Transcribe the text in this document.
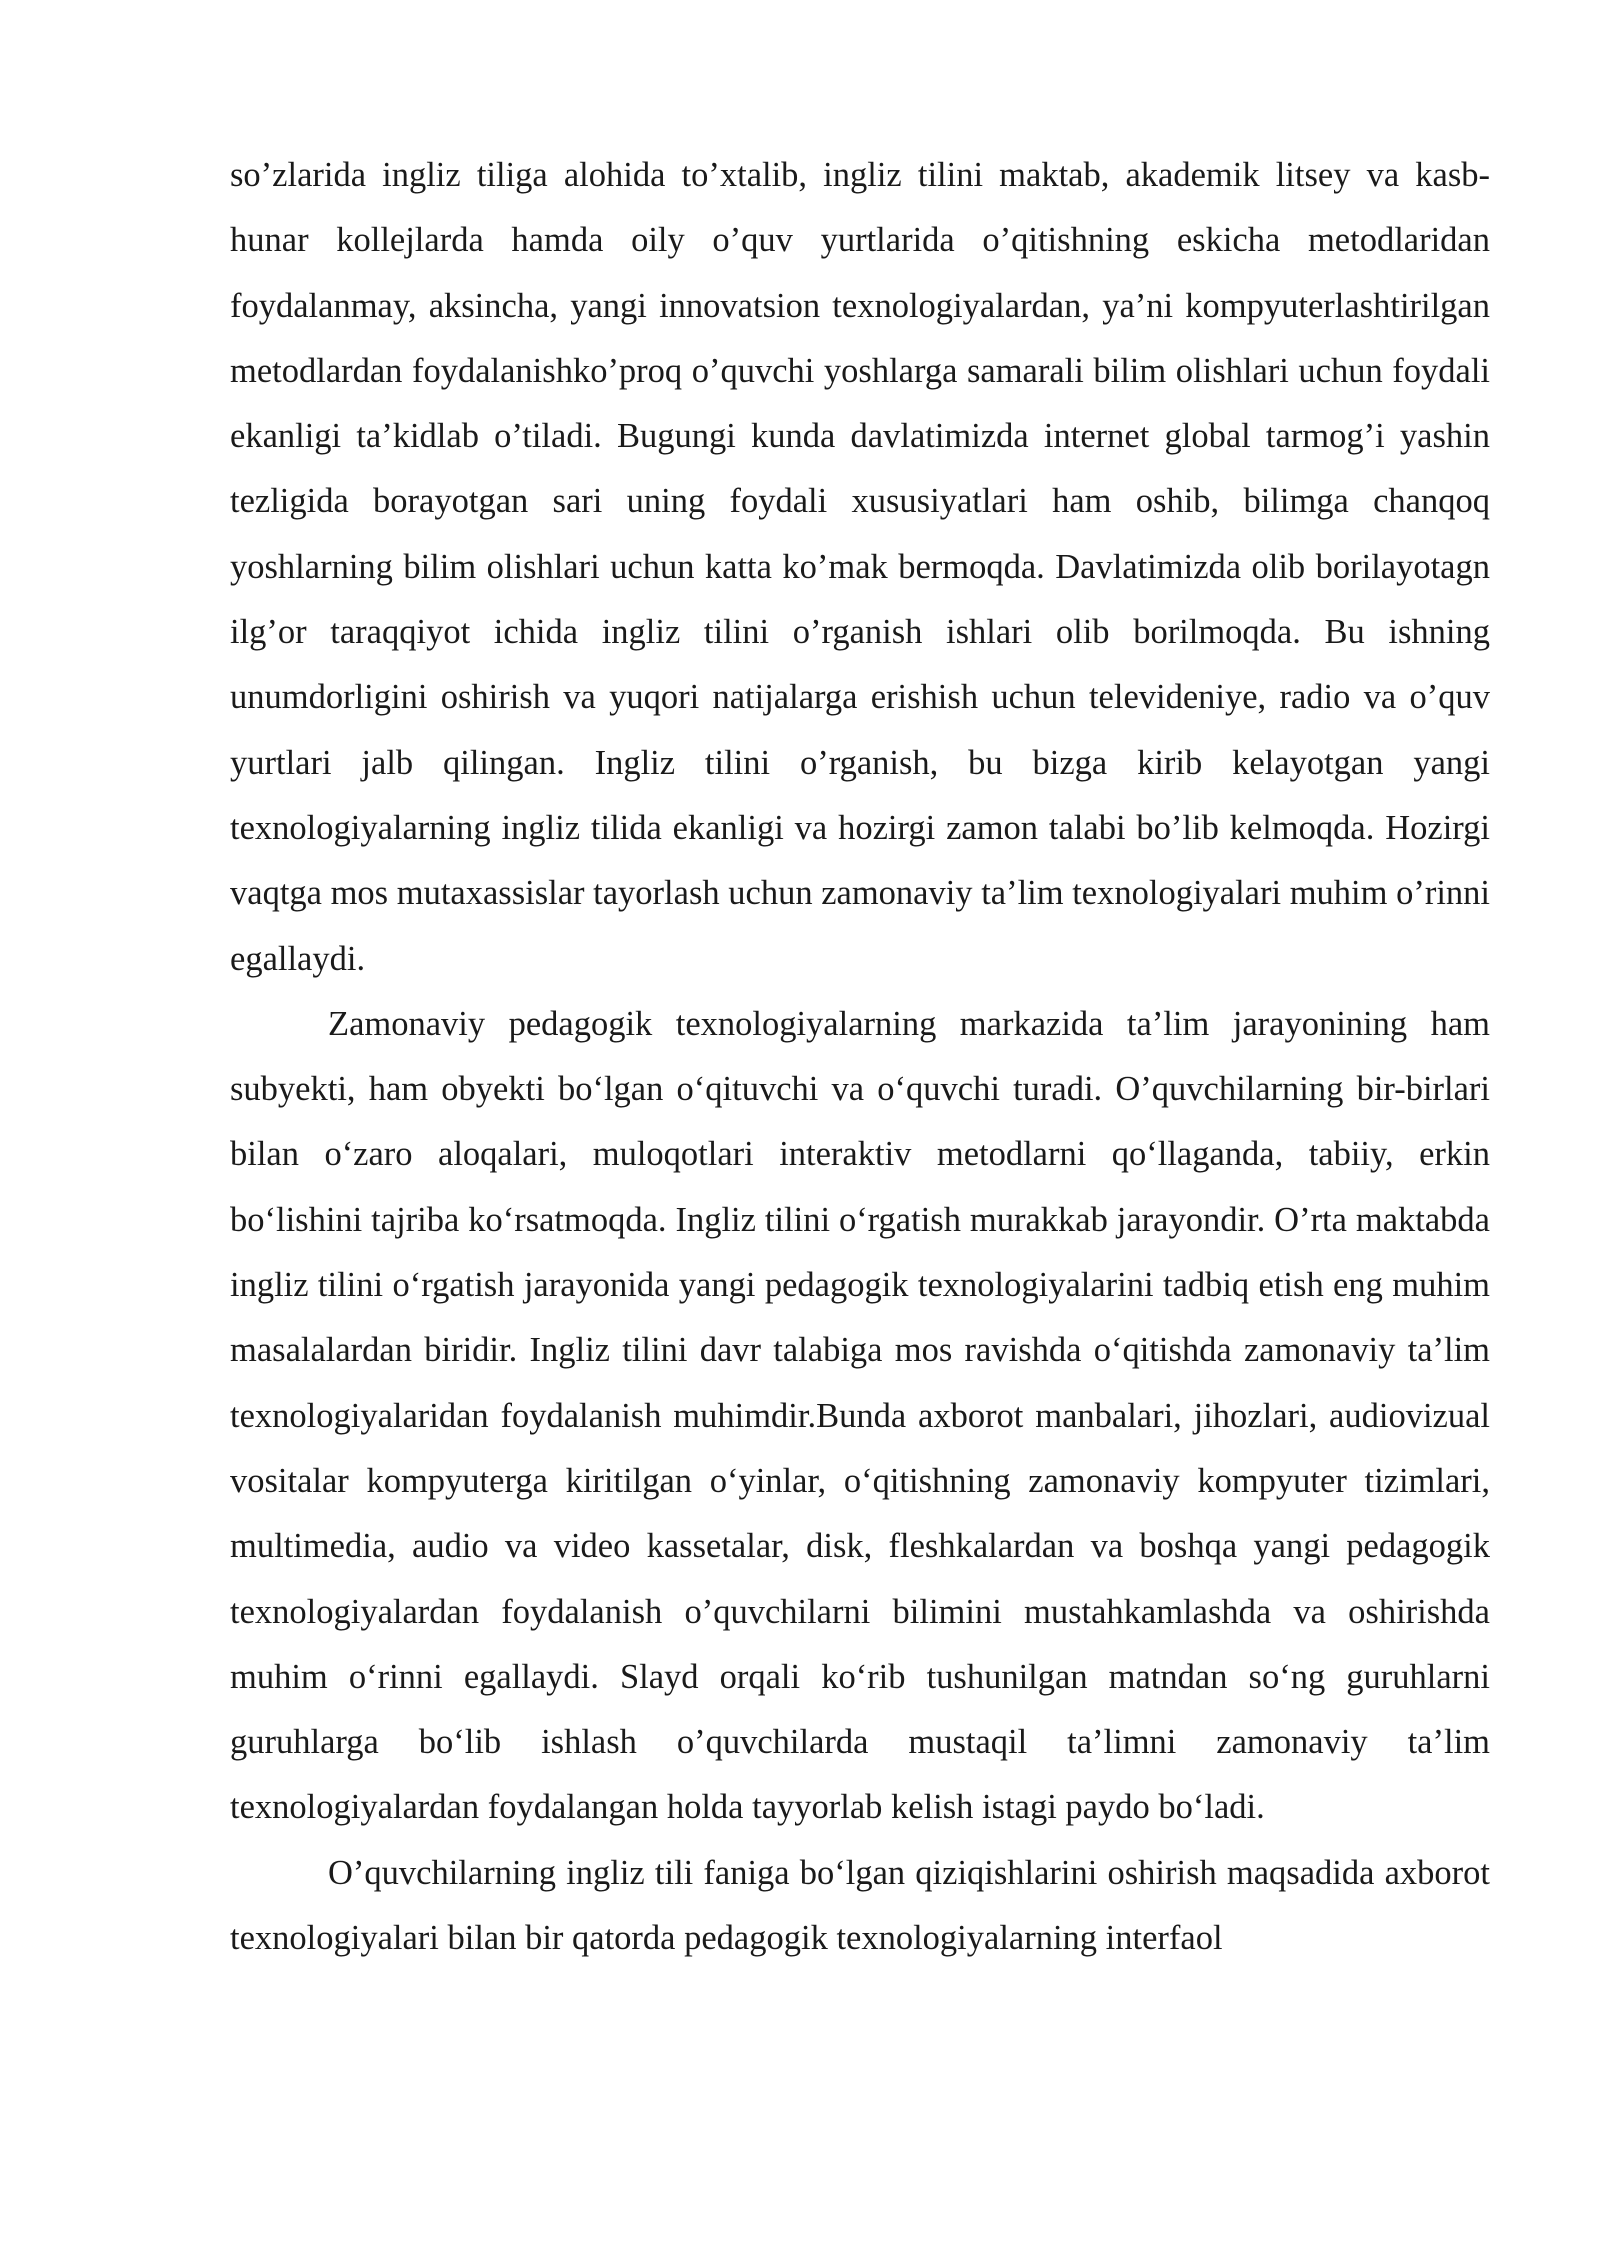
so’zlarida ingliz tiliga alohida to’xtalib, ingliz tilini maktab, akademik litsey va kasb- hunar kollejlarda hamda oily o’quv yurtlarida o’qitishning eskicha metodlaridan foydalanmay, aksincha, yangi innovatsion texnologiyalardan, ya’ni kompyuterlashtirilgan metodlardan foydalanishko’proq o’quvchi yoshlarga samarali bilim olishlari uchun foydali ekanligi ta’kidlab o’tiladi. Bugungi kunda davlatimizda internet global tarmog’i yashin tezligida borayotgan sari uning foydali xususiyatlari ham oshib, bilimga chanqoq yoshlarning bilim olishlari uchun katta ko’mak bermoqda. Davlatimizda olib borilayotagn ilg’or taraqqiyot ichida ingliz tilini o’rganish ishlari olib borilmoqda. Bu ishning unumdorligini oshirish va yuqori natijalarga erishish uchun televideniye, radio va o’quv yurtlari jalb qilingan. Ingliz tilini o’rganish, bu bizga kirib kelayotgan yangi texnologiyalarning ingliz tilida ekanligi va hozirgi zamon talabi bo’lib kelmoqda. Hozirgi vaqtga mos mutaxassislar tayorlash uchun zamonaviy ta’lim texnologiyalari muhim o’rinni egallaydi.

Zamonaviy pedagogik texnologiyalarning markazida ta’lim jarayonining ham subyekti, ham obyekti bo‘lgan o‘qituvchi va o‘quvchi turadi. O’quvchilarning bir-birlari bilan o‘zaro aloqalari, muloqotlari interaktiv metodlarni qo‘llaganda, tabiiy, erkin bo‘lishini tajriba ko‘rsatmoqda. Ingliz tilini o‘rgatish murakkab jarayondir. O’rta maktabda ingliz tilini o‘rgatish jarayonida yangi pedagogik texnologiyalarini tadbiq etish eng muhim masalalardan biridir. Ingliz tilini davr talabiga mos ravishda o‘qitishda zamonaviy ta’lim texnologiyalaridan foydalanish muhimdir.Bunda axborot manbalari, jihozlari, audiovizual vositalar kompyuterga kiritilgan o‘yinlar, o‘qitishning zamonaviy kompyuter tizimlari, multimedia, audio va video kassetalar, disk, fleshkalardan va boshqa yangi pedagogik texnologiyalardan foydalanish o’quvchilarni bilimini mustahkamlashda va oshirishda muhim o‘rinni egallaydi. Slayd orqali ko‘rib tushunilgan matndan so‘ng guruhlarni guruhlarga bo‘lib ishlash o’quvchilarda mustaqil ta’limni zamonaviy ta’lim texnologiyalardan foydalangan holda tayyorlab kelish istagi paydo bo‘ladi.

O’quvchilarning ingliz tili faniga bo‘lgan qiziqishlarini oshirish maqsadida axborot texnologiyalari bilan bir qatorda pedagogik texnologiyalarning interfaol
